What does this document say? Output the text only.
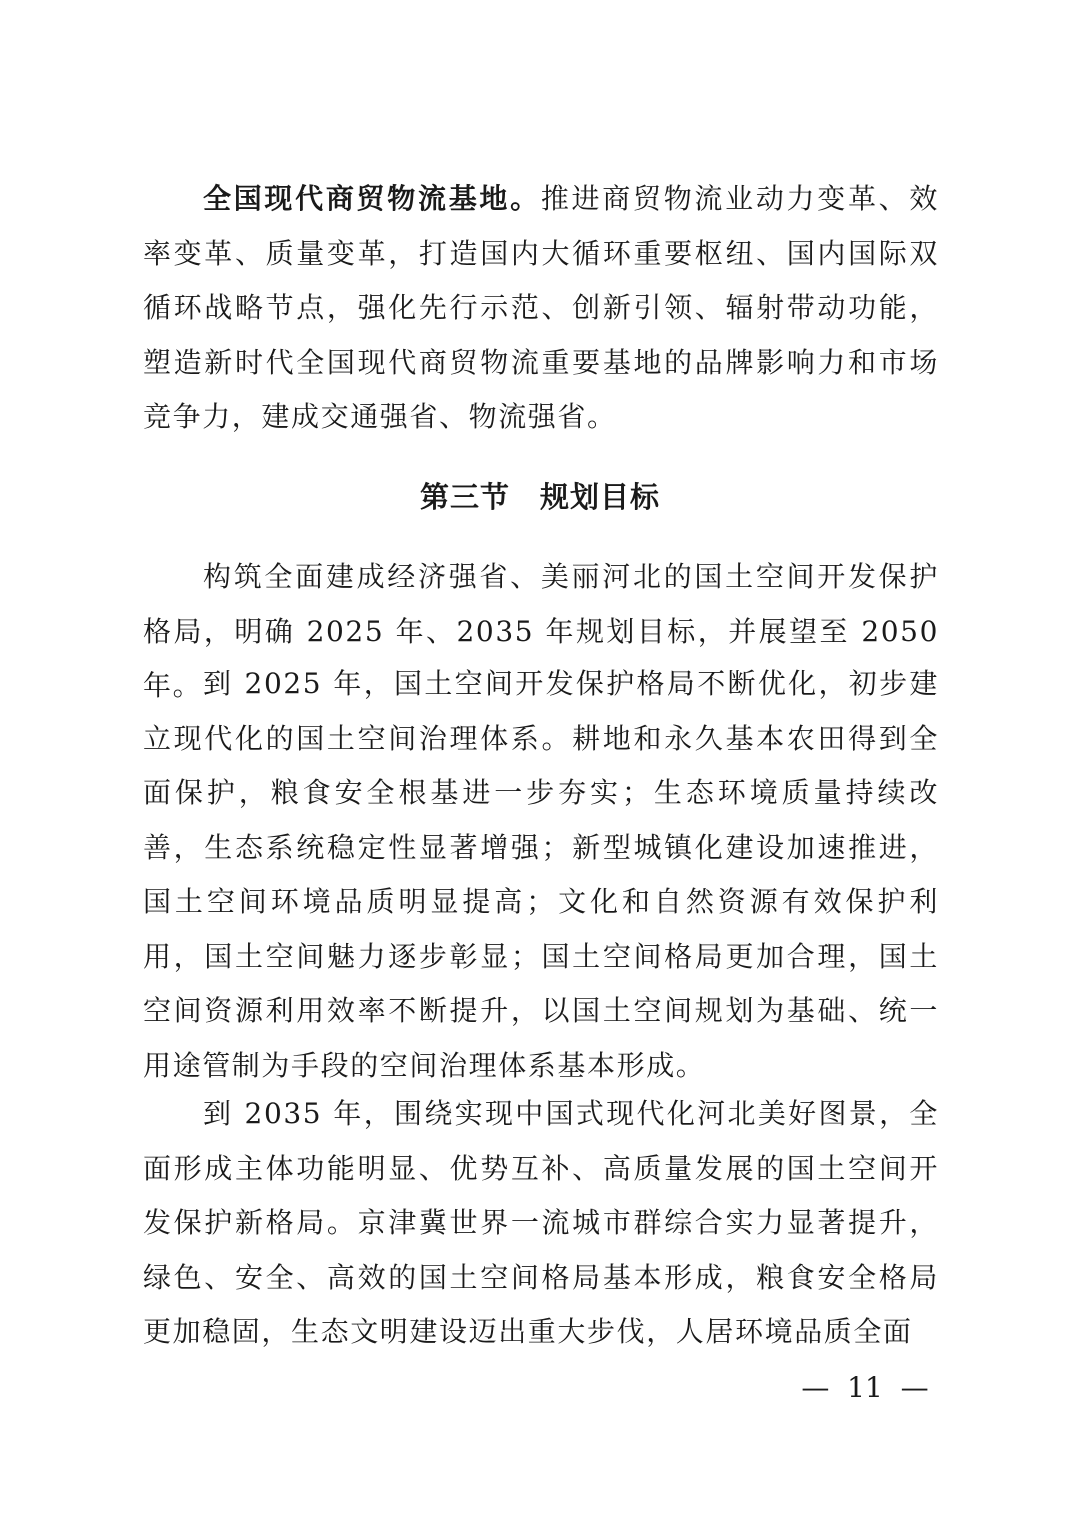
全国现代商贸物流基地。推进商贸物流业动力变革、效率变革、质量变革，打造国内大循环重要枢纽、国内国际双循环战略节点，强化先行示范、创新引领、辐射带动功能，塑造新时代全国现代商贸物流重要基地的品牌影响力和市场竞争力，建成交通强省、物流强省。

第三节　规划目标

构筑全面建成经济强省、美丽河北的国土空间开发保护格局，明确 2025 年、2035 年规划目标，并展望至 2050 年。 到 2025 年，国土空间开发保护格局不断优化，初步建立现代化的国土空间治理体系。耕地和永久基本农田得到全面保护，粮食安全根基进一步夯实；生态环境质量持续改善，生态系统稳定性显著增强；新型城镇化建设加速推进，国土空间环境品质明显提高；文化和自然资源有效保护利用，国土空间魅力逐步彰显；国土空间格局更加合理，国土空间资源利用效率不断提升，以国土空间规划为基础、统一用途管制为手段的空间治理体系基本形成。

到 2035 年，围绕实现中国式现代化河北美好图景，全面形成主体功能明显、优势互补、高质量发展的国土空间开发保护新格局。京津冀世界一流城市群综合实力显著提升，绿色、安全、高效的国土空间格局基本形成，粮食安全格局更加稳固，生态文明建设迈出重大步伐，人居环境品质全面

—  11  —
